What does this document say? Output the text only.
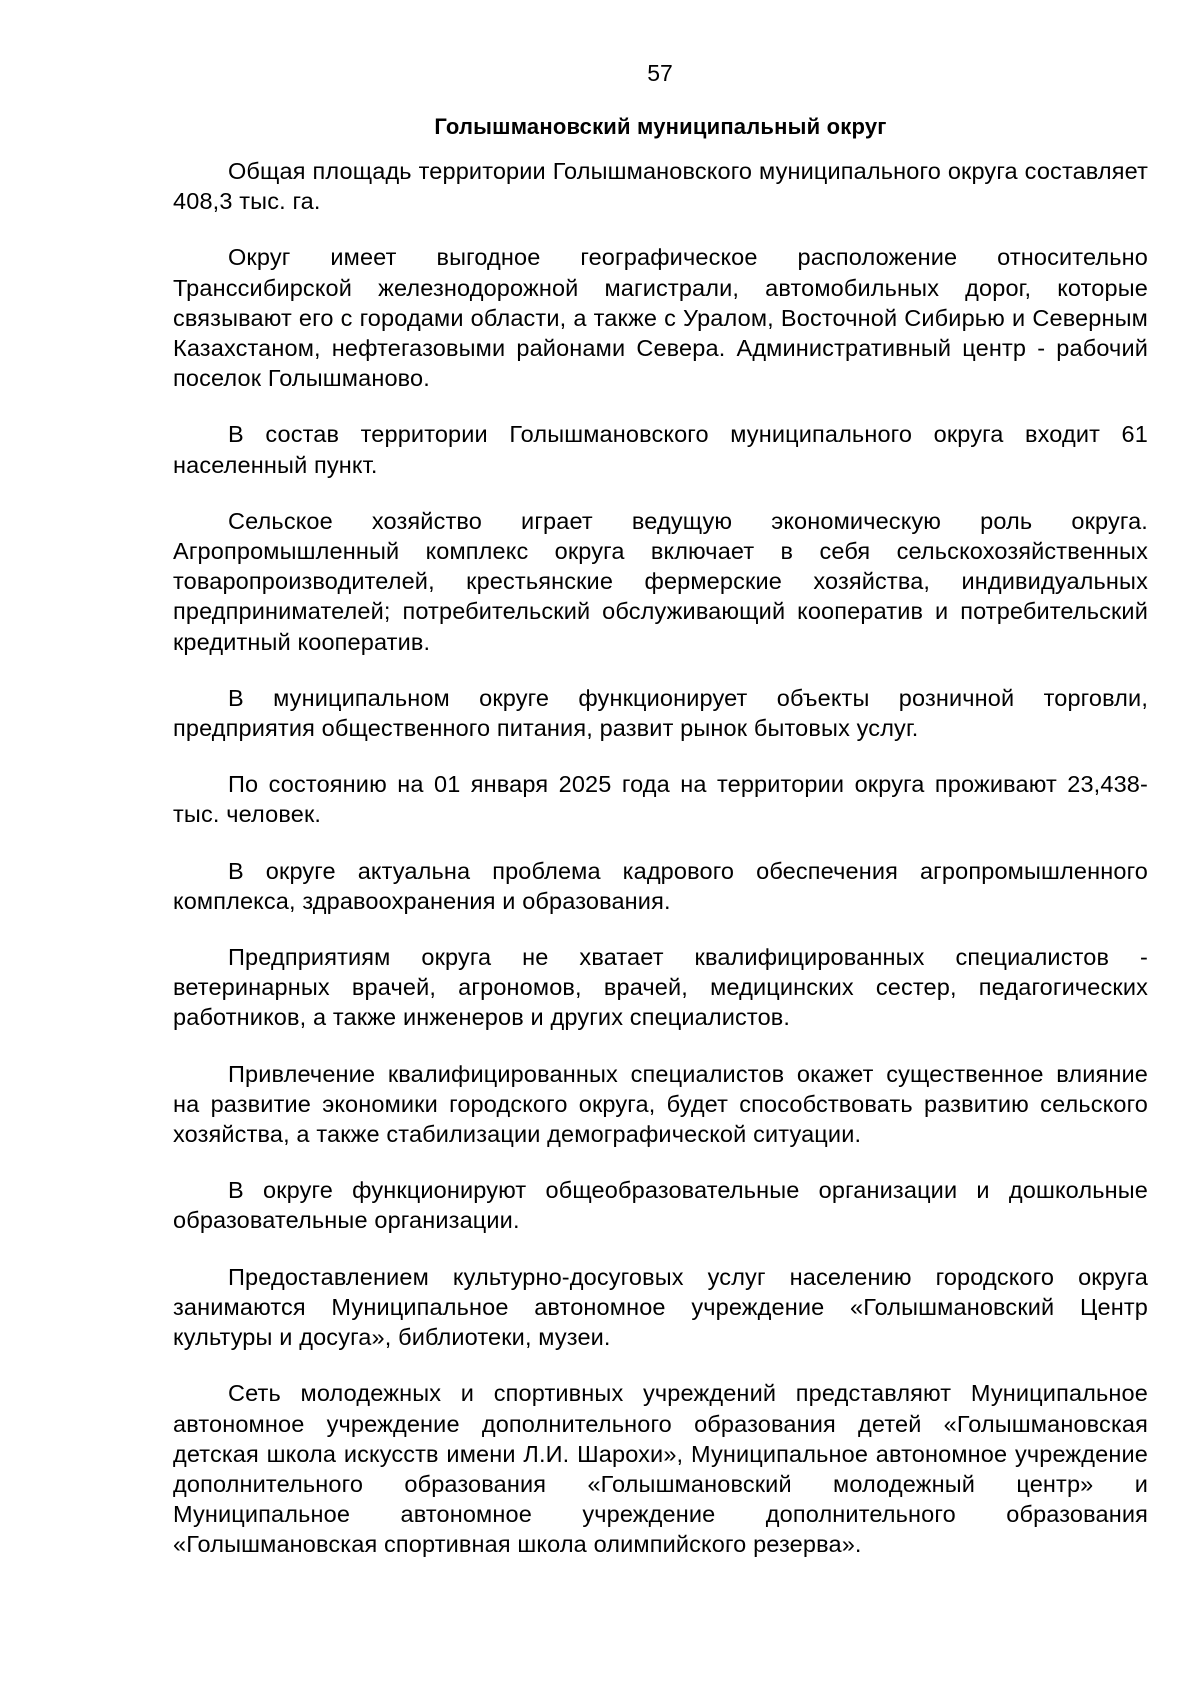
57
Голышмановский муниципальный округ

Общая площадь территории Голышмановского муниципального округа составляет 408,3 тыс. га.

Округ имеет выгодное географическое расположение относительно Транссибирской железнодорожной магистрали, автомобильных дорог, которые связывают его с городами области, а также с Уралом, Восточной Сибирью и Северным Казахстаном, нефтегазовыми районами Севера. Административный центр - рабочий поселок Голышманово.

В состав территории Голышмановского муниципального округа входит 61 населенный пункт.

Сельское хозяйство играет ведущую экономическую роль округа. Агропромышленный комплекс округа включает в себя сельскохозяйственных товаропроизводителей, крестьянские фермерские хозяйства, индивидуальных предпринимателей; потребительский обслуживающий кооператив и потребительский кредитный кооператив.

В муниципальном округе функционирует объекты розничной торговли, предприятия общественного питания, развит рынок бытовых услуг.

По состоянию на 01 января 2025 года на территории округа проживают 23,438-тыс. человек.

В округе актуальна проблема кадрового обеспечения агропромышленного комплекса, здравоохранения и образования.

Предприятиям округа не хватает квалифицированных специалистов - ветеринарных врачей, агрономов, врачей, медицинских сестер, педагогических работников, а также инженеров и других специалистов.

Привлечение квалифицированных специалистов окажет существенное влияние на развитие экономики городского округа, будет способствовать развитию сельского хозяйства, а также стабилизации демографической ситуации.

В округе функционируют общеобразовательные организации и дошкольные образовательные организации.

Предоставлением культурно-досуговых услуг населению городского округа занимаются Муниципальное автономное учреждение «Голышмановский Центр культуры и досуга», библиотеки, музеи.

Сеть молодежных и спортивных учреждений представляют Муниципальное автономное учреждение дополнительного образования детей «Голышмановская детская школа искусств имени Л.И. Шарохи», Муниципальное автономное учреждение дополнительного образования «Голышмановский молодежный центр» и Муниципальное автономное учреждение дополнительного образования «Голышмановская спортивная школа олимпийского резерва».
